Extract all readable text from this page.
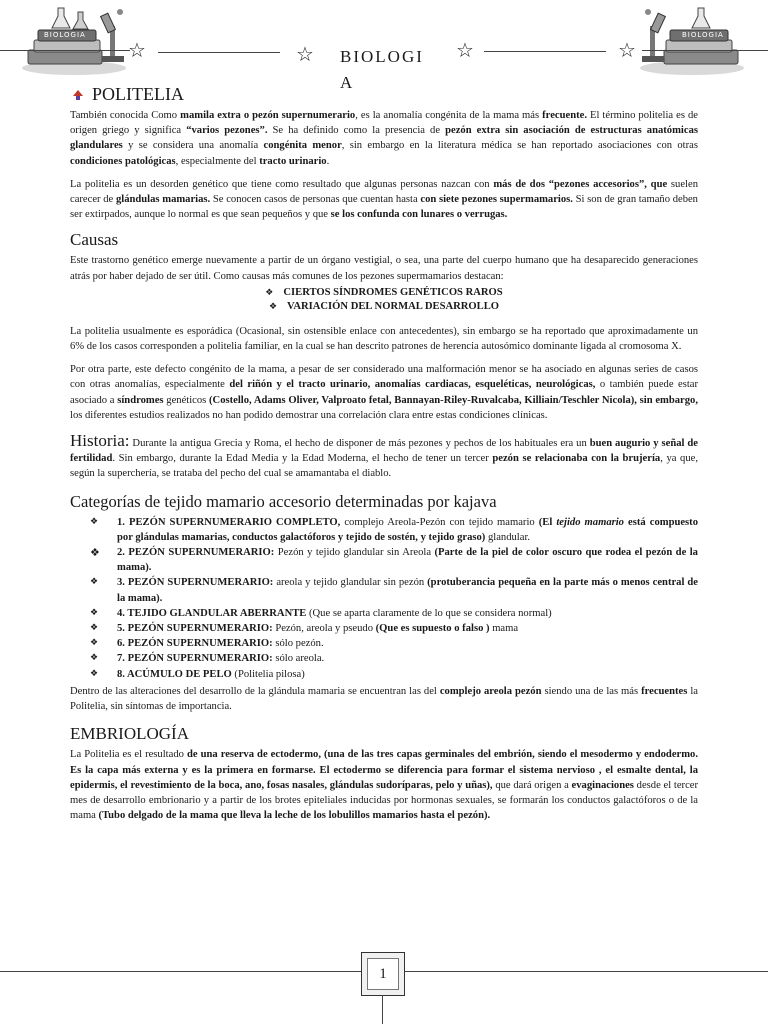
BIOLOGIA	BIOLOGIA
☆	☆ BIOLOGIA
☆	☆
POLITELIA

También conocida Como mamila extra o pezón supernumerario, es la anomalía congénita de la mama más frecuente. El término politelia es de origen griego y significa “varios pezones”. Se ha definido como la presencia de pezón extra sin asociación de estructuras anatómicas glandulares y se considera una anomalía congénita menor, sin embargo en la literatura médica se han reportado asociaciones con otras condiciones patológicas, especialmente del tracto urinario.

La politelia es un desorden genético que tiene como resultado que algunas personas nazcan con más de dos “pezones accesorios”, que suelen carecer de glándulas mamarias. Se conocen casos de personas que cuentan hasta con siete pezones supermamarios. Si son de gran tamaño deben ser extirpados, aunque lo normal es que sean pequeños y que se los confunda con lunares o verrugas.

Causas

Este trastorno genético emerge nuevamente a partir de un órgano vestigial, o sea, una parte del cuerpo humano que ha desaparecido generaciones atrás por haber dejado de ser útil. Como causas más comunes de los pezones supermamarios destacan:

❖ CIERTOS SÍNDROMES GENÉTICOS RAROS
❖ VARIACIÓN DEL NORMAL DESARROLLO

La politelia usualmente es esporádica (Ocasional, sin ostensible enlace con antecedentes), sin embargo se ha reportado que aproximadamente un 6% de los casos corresponden a politelia familiar, en la cual se han descrito patrones de herencia autosómico dominante ligada al cromosoma X.

Por otra parte, este defecto congénito de la mama, a pesar de ser considerado una malformación menor se ha asociado en algunas series de casos con otras anomalías, especialmente del riñón y el tracto urinario, anomalías cardiacas, esqueléticas, neurológicas, o también puede estar asociado a síndromes genéticos (Costello, Adams Oliver, Valproato fetal, Bannayan-Riley-Ruvalcaba, Killiain/Teschler Nicola), sin embargo, los diferentes estudios realizados no han podido demostrar una correlación clara entre estas condiciones clínicas.

Historia: Durante la antigua Grecia y Roma, el hecho de disponer de más pezones y pechos de los habituales era un buen augurio y señal de fertilidad. Sin embargo, durante la Edad Media y la Edad Moderna, el hecho de tener un tercer pezón se relacionaba con la brujería, ya que, según la superchería, se trataba del pecho del cual se amamantaba el diablo.

Categorías de tejido mamario accesorio determinadas por kajava
❖ 1. PEZÓN SUPERNUMERARIO COMPLETO, complejo Areola-Pezón con tejido mamario (El tejido mamario está compuesto por glándulas mamarias, conductos galactóforos y tejido de sostén, y tejido graso) glandular.
❖ 2. PEZÓN SUPERNUMERARIO: Pezón y tejido glandular sin Areola (Parte de la piel de color oscuro que rodea el pezón de la mama).
❖ 3. PEZÓN SUPERNUMERARIO: areola y tejido glandular sin pezón (protuberancia pequeña en la parte más o menos central de la mama).
❖ 4. TEJIDO GLANDULAR ABERRANTE (Que se aparta claramente de lo que se considera normal)
❖ 5. PEZÓN SUPERNUMERARIO: Pezón, areola y pseudo (Que es supuesto o falso ) mama
❖ 6. PEZÓN SUPERNUMERARIO: sólo pezón.
❖ 7. PEZÓN SUPERNUMERARIO: sólo areola.
❖ 8. ACÚMULO DE PELO (Politelia pilosa)

Dentro de las alteraciones del desarrollo de la glándula mamaria se encuentran las del complejo areola pezón siendo una de las más frecuentes la Politelia, sin síntomas de importancia.

EMBRIOLOGÍA

La Politelia es el resultado de una reserva de ectodermo, (una de las tres capas germinales del embrión, siendo el mesodermo y endodermo. Es la capa más externa y es la primera en formarse. El ectodermo se diferencia para formar el sistema nervioso , el esmalte dental, la epidermis, el revestimiento de la boca, ano, fosas nasales, glándulas sudoríparas, pelo y uñas), que dará origen a evaginaciones desde el tercer mes de desarrollo embrionario y a partir de los brotes epiteliales inducidas por hormonas sexuales, se formarán los conductos galactóforos o de la mama (Tubo delgado de la mama que lleva la leche de los lobulillos mamarios hasta el pezón).

1
